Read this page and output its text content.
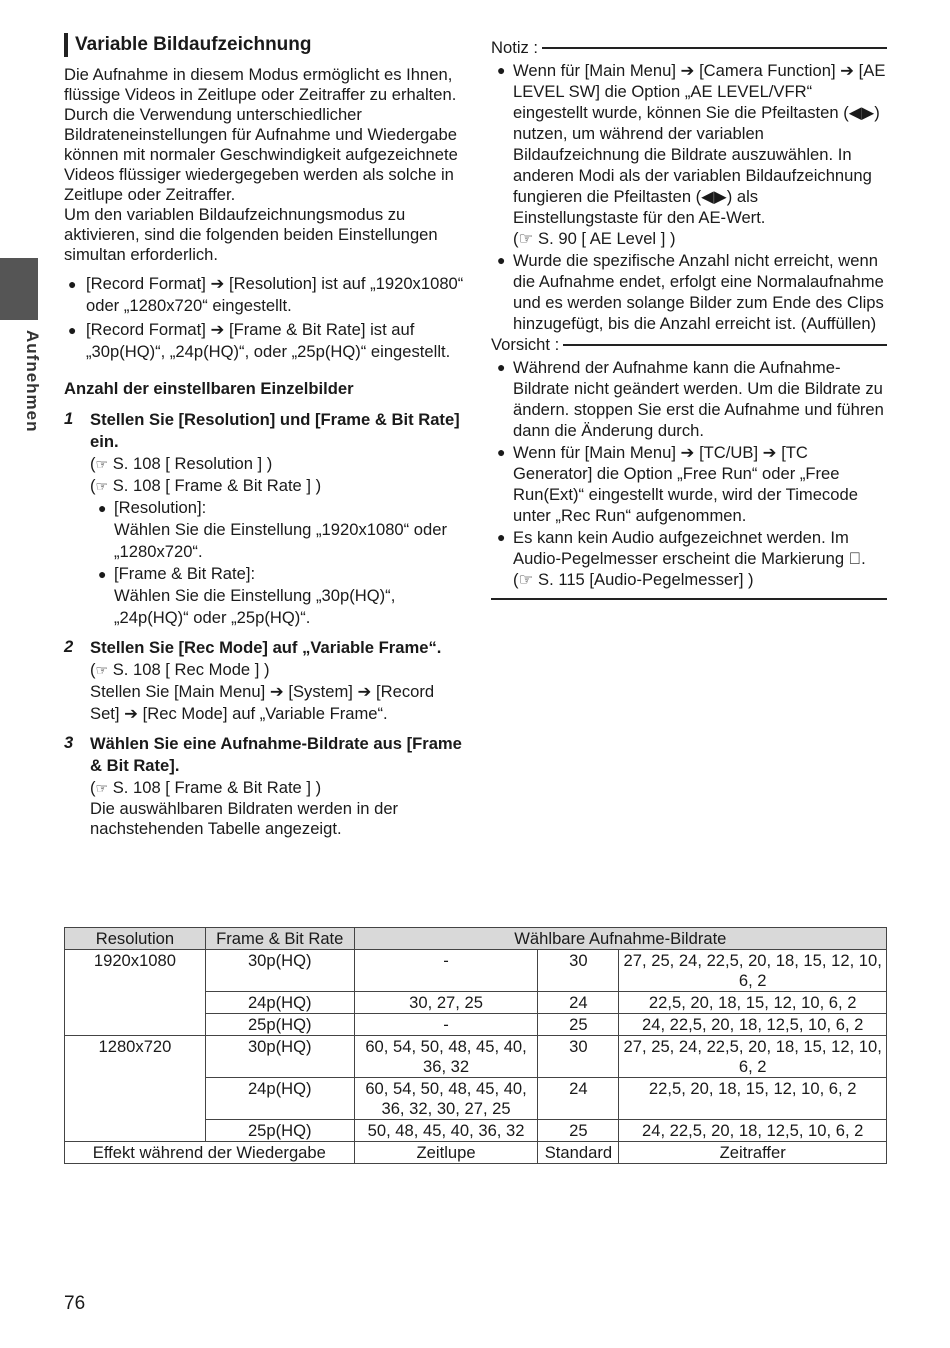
Aufnehmen
Variable Bildaufzeichnung
Die Aufnahme in diesem Modus ermöglicht es Ihnen, flüssige Videos in Zeitlupe oder Zeitraffer zu erhalten.
Durch die Verwendung unterschiedlicher Bildrateneinstellungen für Aufnahme und Wiedergabe können mit normaler Geschwindigkeit aufgezeichnete Videos flüssiger wiedergegeben werden als solche in Zeitlupe oder Zeitraffer.
Um den variablen Bildaufzeichnungsmodus zu aktivieren, sind die folgenden beiden Einstellungen simultan erforderlich.
● [Record Format] ➔ [Resolution] ist auf „1920x1080“ oder „1280x720“ eingestellt.
● [Record Format] ➔ [Frame & Bit Rate] ist auf „30p(HQ)“, „24p(HQ)“, oder „25p(HQ)“ eingestellt.
Anzahl der einstellbaren Einzelbilder
1 Stellen Sie [Resolution] und [Frame & Bit Rate] ein.
(☞ S. 108 [ Resolution ] )
(☞ S. 108 [ Frame & Bit Rate ] )
● [Resolution]:
Wählen Sie die Einstellung „1920x1080“ oder „1280x720“.
● [Frame & Bit Rate]:
Wählen Sie die Einstellung „30p(HQ)“, „24p(HQ)“ oder „25p(HQ)“.
2 Stellen Sie [Rec Mode] auf „Variable Frame“.
(☞ S. 108 [ Rec Mode ] )
Stellen Sie [Main Menu] ➔ [System] ➔ [Record Set] ➔ [Rec Mode] auf „Variable Frame“.
3 Wählen Sie eine Aufnahme-Bildrate aus [Frame & Bit Rate].
(☞ S. 108 [ Frame & Bit Rate ] )
Die auswählbaren Bildraten werden in der nachstehenden Tabelle angezeigt.
Notiz :
● Wenn für [Main Menu] ➔ [Camera Function] ➔ [AE LEVEL SW] die Option „AE LEVEL/VFR“ eingestellt wurde, können Sie die Pfeiltasten (◀▶) nutzen, um während der variablen Bildaufzeichnung die Bildrate auszuwählen. In anderen Modi als der variablen Bildaufzeichnung fungieren die Pfeiltasten (◀▶) als Einstellungstaste für den AE-Wert.
(☞ S. 90 [ AE Level ] )
● Wurde die spezifische Anzahl nicht erreicht, wenn die Aufnahme endet, erfolgt eine Normalaufnahme und es werden solange Bilder zum Ende des Clips hinzugefügt, bis die Anzahl erreicht ist. (Auffüllen)
Vorsicht :
● Während der Aufnahme kann die Aufnahme-Bildrate nicht geändert werden. Um die Bildrate zu ändern. stoppen Sie erst die Aufnahme und führen dann die Änderung durch.
● Wenn für [Main Menu] ➔ [TC/UB] ➔ [TC Generator] die Option „Free Run“ oder „Free Run(Ext)“ eingestellt wurde, wird der Timecode unter „Rec Run“ aufgenommen.
● Es kann kein Audio aufgezeichnet werden. Im Audio-Pegelmesser erscheint die Markierung ⃠.
(☞ S. 115 [Audio-Pegelmesser] )
Resolution	Frame & Bit Rate	Wählbare Aufnahme-Bildrate		
1920x1080	30p(HQ)	-	30	27, 25, 24, 22,5, 20, 18, 15, 12, 10, 6, 2
	24p(HQ)	30, 27, 25	24	22,5, 20, 18, 15, 12, 10, 6, 2
	25p(HQ)	-	25	24, 22,5, 20, 18, 12,5, 10, 6, 2
1280x720	30p(HQ)	60, 54, 50, 48, 45, 40, 36, 32	30	27, 25, 24, 22,5, 20, 18, 15, 12, 10, 6, 2
	24p(HQ)	60, 54, 50, 48, 45, 40, 36, 32, 30, 27, 25	24	22,5, 20, 18, 15, 12, 10, 6, 2
	25p(HQ)	50, 48, 45, 40, 36, 32	25	24, 22,5, 20, 18, 12,5, 10, 6, 2
Effekt während der Wiedergabe		Zeitlupe	Standard	Zeitraffer
76
